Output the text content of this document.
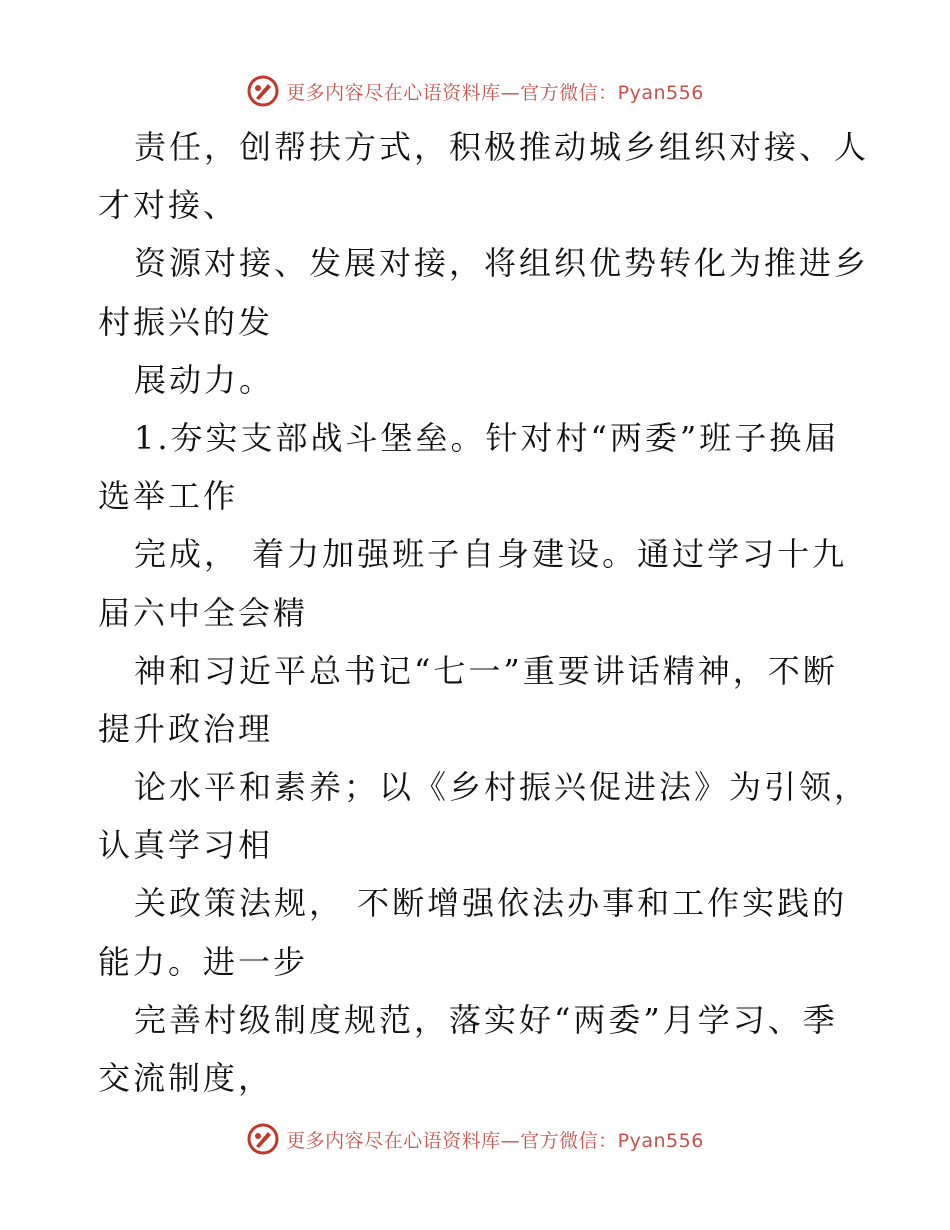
更多内容尽在心语资料库—官方微信：Pyan556
责任，创帮扶方式，积极推动城乡组织对接、人
才对接、
资源对接、发展对接，将组织优势转化为推进乡
村振兴的发
展动力。
1.夯实支部战斗堡垒。针对村“两委”班子换届
选举工作
完成， 着力加强班子自身建设。通过学习十九
届六中全会精
神和习近平总书记“七一”重要讲话精神，不断
提升政治理
论水平和素养；以《乡村振兴促进法》为引领，
认真学习相
关政策法规， 不断增强依法办事和工作实践的
能力。进一步
完善村级制度规范，落实好“两委”月学习、季
交流制度，
更多内容尽在心语资料库—官方微信：Pyan556
